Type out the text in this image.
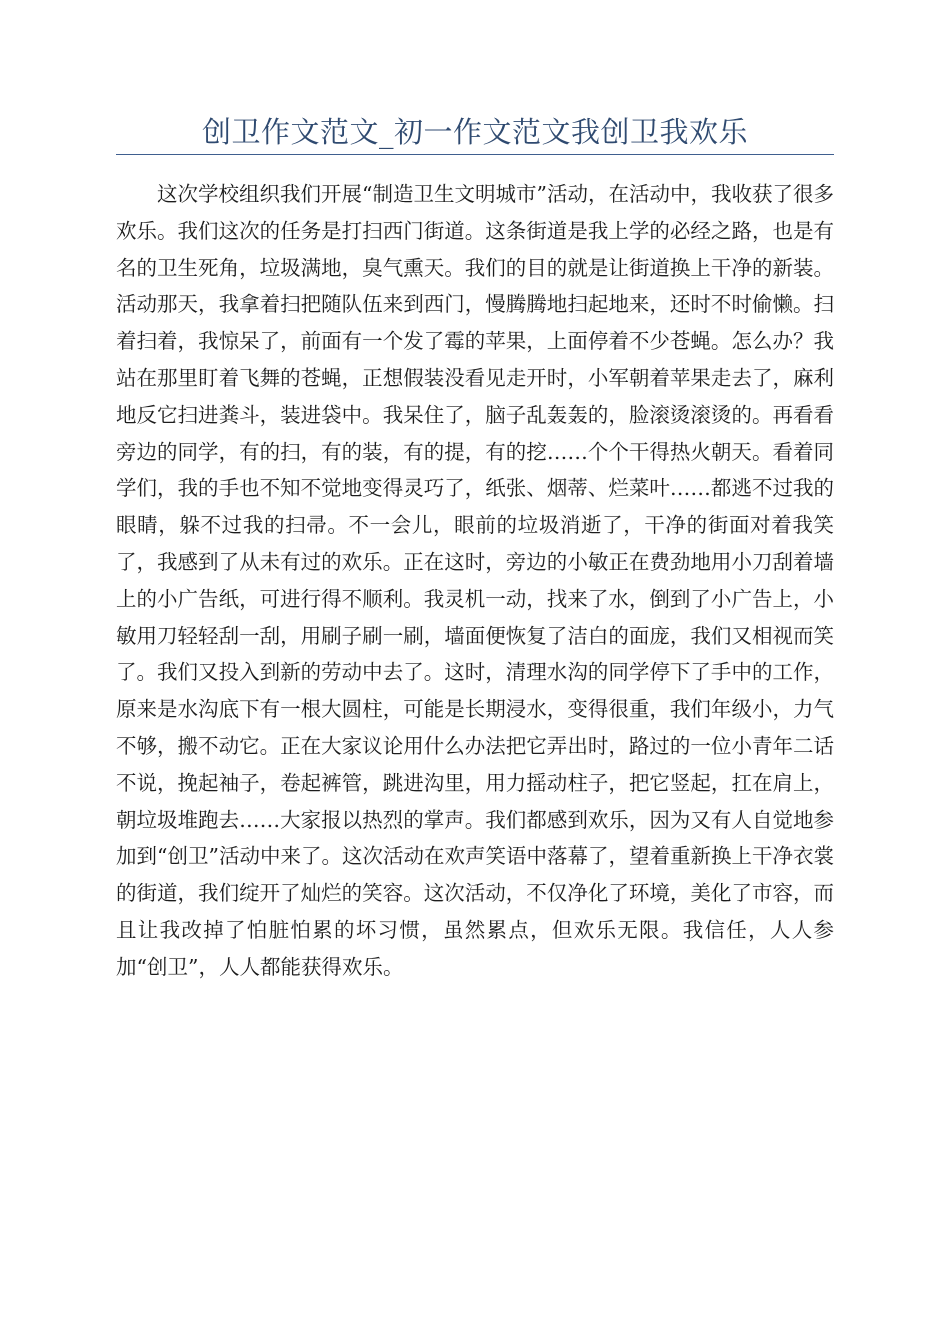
创卫作文范文_初一作文范文我创卫我欢乐

这次学校组织我们开展“制造卫生文明城市”活动，在活动中，我收获了很多欢乐。我们这次的任务是打扫西门街道。这条街道是我上学的必经之路，也是有名的卫生死角，垃圾满地，臭气熏天。我们的目的就是让街道换上干净的新装。活动那天，我拿着扫把随队伍来到西门，慢腾腾地扫起地来，还时不时偷懒。扫着扫着，我惊呆了，前面有一个发了霉的苹果，上面停着不少苍蝇。怎么办？我站在那里盯着飞舞的苍蝇，正想假装没看见走开时，小军朝着苹果走去了，麻利地反它扫进粪斗，装进袋中。我呆住了，脑子乱轰轰的，脸滚烫滚烫的。再看看旁边的同学，有的扫，有的装，有的提，有的挖……个个干得热火朝天。看着同学们，我的手也不知不觉地变得灵巧了，纸张、烟蒂、烂菜叶……都逃不过我的眼睛，躲不过我的扫帚。不一会儿，眼前的垃圾消逝了，干净的街面对着我笑了，我感到了从未有过的欢乐。正在这时，旁边的小敏正在费劲地用小刀刮着墙上的小广告纸，可进行得不顺利。我灵机一动，找来了水，倒到了小广告上，小敏用刀轻轻刮一刮，用刷子刷一刷，墙面便恢复了洁白的面庞，我们又相视而笑了。我们又投入到新的劳动中去了。这时，清理水沟的同学停下了手中的工作，原来是水沟底下有一根大圆柱，可能是长期浸水，变得很重，我们年级小，力气不够，搬不动它。正在大家议论用什么办法把它弄出时，路过的一位小青年二话不说，挽起袖子，卷起裤管，跳进沟里，用力摇动柱子，把它竖起，扛在肩上，朝垃圾堆跑去……大家报以热烈的掌声。我们都感到欢乐，因为又有人自觉地参加到“创卫”活动中来了。这次活动在欢声笑语中落幕了，望着重新换上干净衣裳的街道，我们绽开了灿烂的笑容。这次活动，不仅净化了环境，美化了市容，而且让我改掉了怕脏怕累的坏习惯，虽然累点，但欢乐无限。我信任，人人参加“创卫”，人人都能获得欢乐。
